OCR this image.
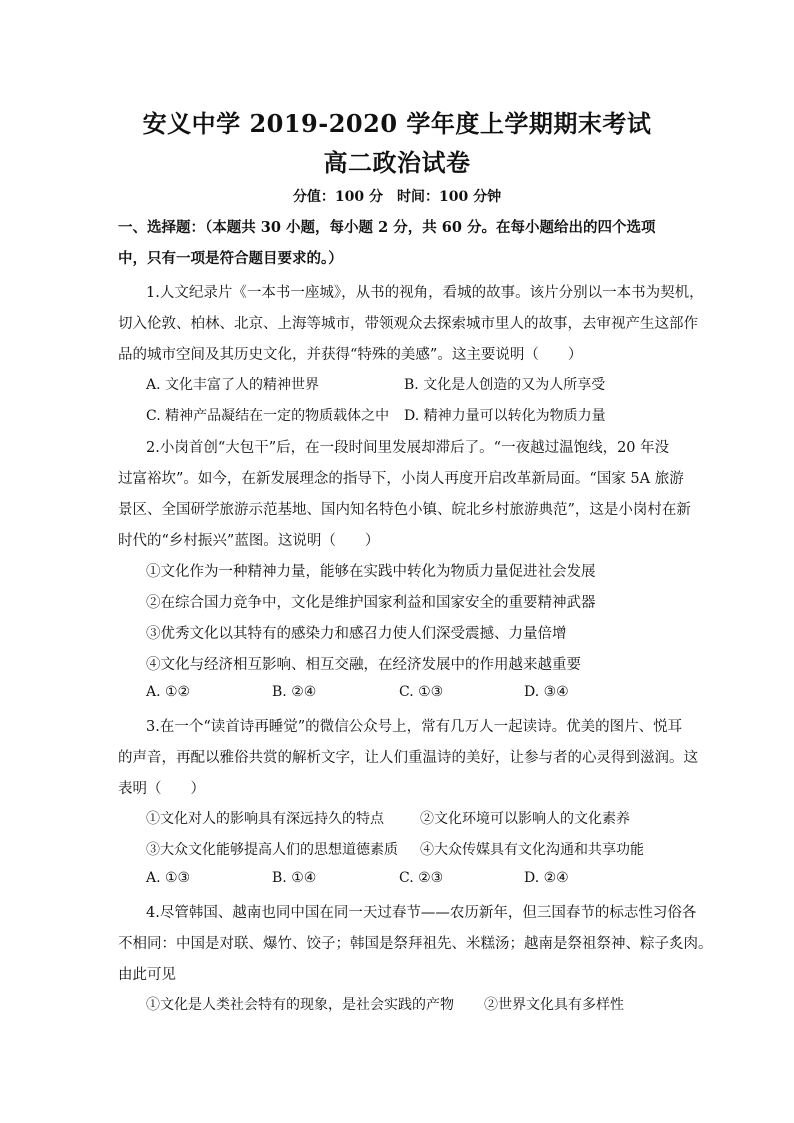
安义中学 2019-2020 学年度上学期期末考试
高二政治试卷
分值：100 分　时间：100 分钟
一、选择题：（本题共 30 小题，每小题 2 分，共 60 分。在每小题给出的四个选项中，只有一项是符合题目要求的。）
1.人文纪录片《一本书一座城》，从书的视角，看城的故事。该片分别以一本书为契机，
切入伦敦、柏林、北京、上海等城市，带领观众去探索城市里人的故事，去审视产生这部作
品的城市空间及其历史文化，并获得“特殊的美感”。这主要说明（　　）
A. 文化丰富了人的精神世界	B. 文化是人创造的又为人所享受
C. 精神产品凝结在一定的物质载体之中 D. 精神力量可以转化为物质力量
2.小岗首创“大包干”后，在一段时间里发展却滞后了。“一夜越过温饱线，20 年没
过富裕坎”。如今，在新发展理念的指导下，小岗人再度开启改革新局面。“国家 5A 旅游
景区、全国研学旅游示范基地、国内知名特色小镇、皖北乡村旅游典范”，这是小岗村在新
时代的“乡村振兴”蓝图。这说明（　　）
①文化作为一种精神力量，能够在实践中转化为物质力量促进社会发展
②在综合国力竞争中，文化是维护国家利益和国家安全的重要精神武器
③优秀文化以其特有的感染力和感召力使人们深受震撼、力量倍增
④文化与经济相互影响、相互交融，在经济发展中的作用越来越重要
A. ①②	B. ②④	C. ①③	D. ③④
3.在一个“读首诗再睡觉”的微信公众号上，常有几万人一起读诗。优美的图片、悦耳
的声音，再配以雅俗共赏的解析文字，让人们重温诗的美好，让参与者的心灵得到滋润。这
表明（　　）
①文化对人的影响具有深远持久的特点	②文化环境可以影响人的文化素养
③大众文化能够提高人们的思想道德素质 ④大众传媒具有文化沟通和共享功能
A. ①③	B. ①④	C. ②③	D. ②④
4.尽管韩国、越南也同中国在同一天过春节——农历新年，但三国春节的标志性习俗各
不相同：中国是对联、爆竹、饺子；韩国是祭拜祖先、米糕汤；越南是祭祖祭神、粽子炙肉。
由此可见
①文化是人类社会特有的现象，是社会实践的产物 ②世界文化具有多样性
